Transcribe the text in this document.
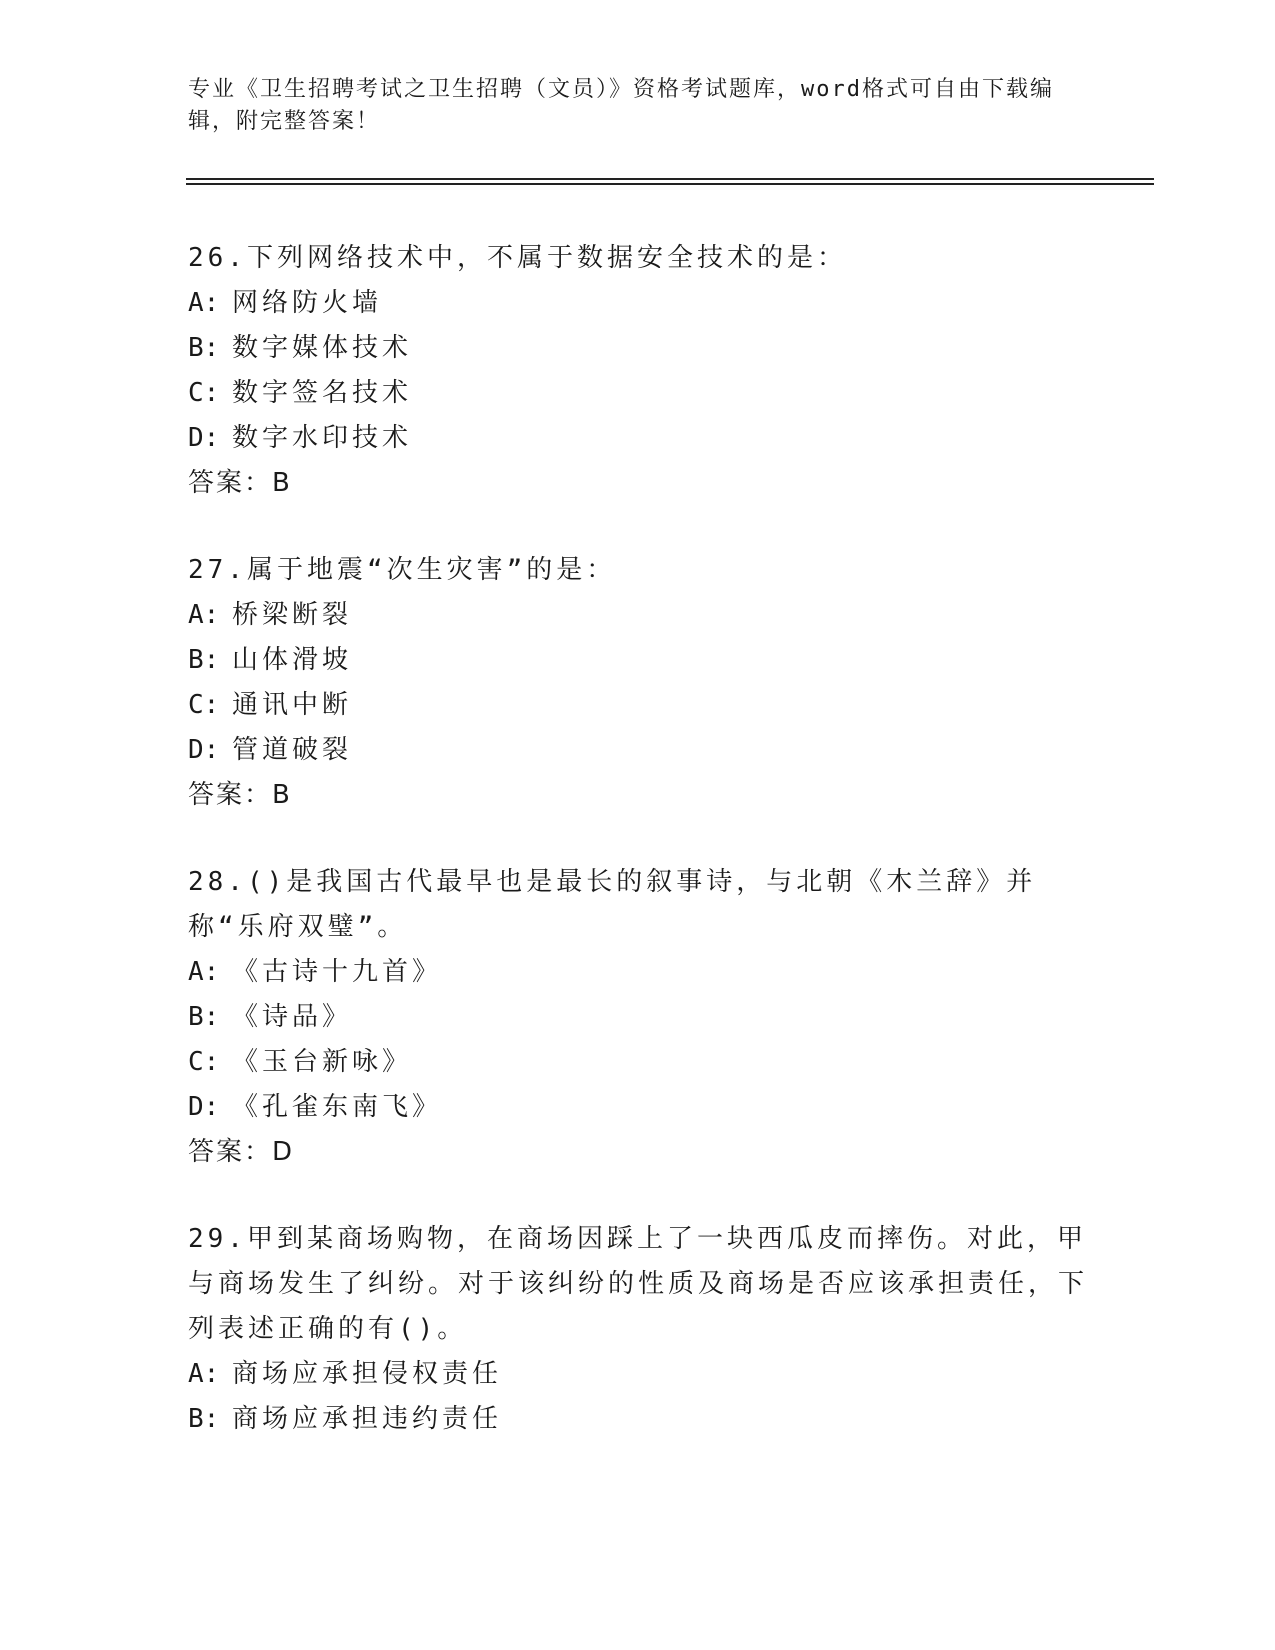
专业《卫生招聘考试之卫生招聘（文员）》资格考试题库，word格式可自由下载编辑，附完整答案！
26.下列网络技术中，不属于数据安全技术的是：
A: 网络防火墙
B: 数字媒体技术
C: 数字签名技术
D: 数字水印技术
答案：B
27.属于地震“次生灾害”的是：
A: 桥梁断裂
B: 山体滑坡
C: 通讯中断
D: 管道破裂
答案：B
28.()是我国古代最早也是最长的叙事诗，与北朝《木兰辞》并称“乐府双璧”。
A: 《古诗十九首》
B: 《诗品》
C: 《玉台新咏》
D: 《孔雀东南飞》
答案：D
29.甲到某商场购物，在商场因踩上了一块西瓜皮而摔伤。对此，甲与商场发生了纠纷。对于该纠纷的性质及商场是否应该承担责任，下列表述正确的有()。
A: 商场应承担侵权责任
B: 商场应承担违约责任
